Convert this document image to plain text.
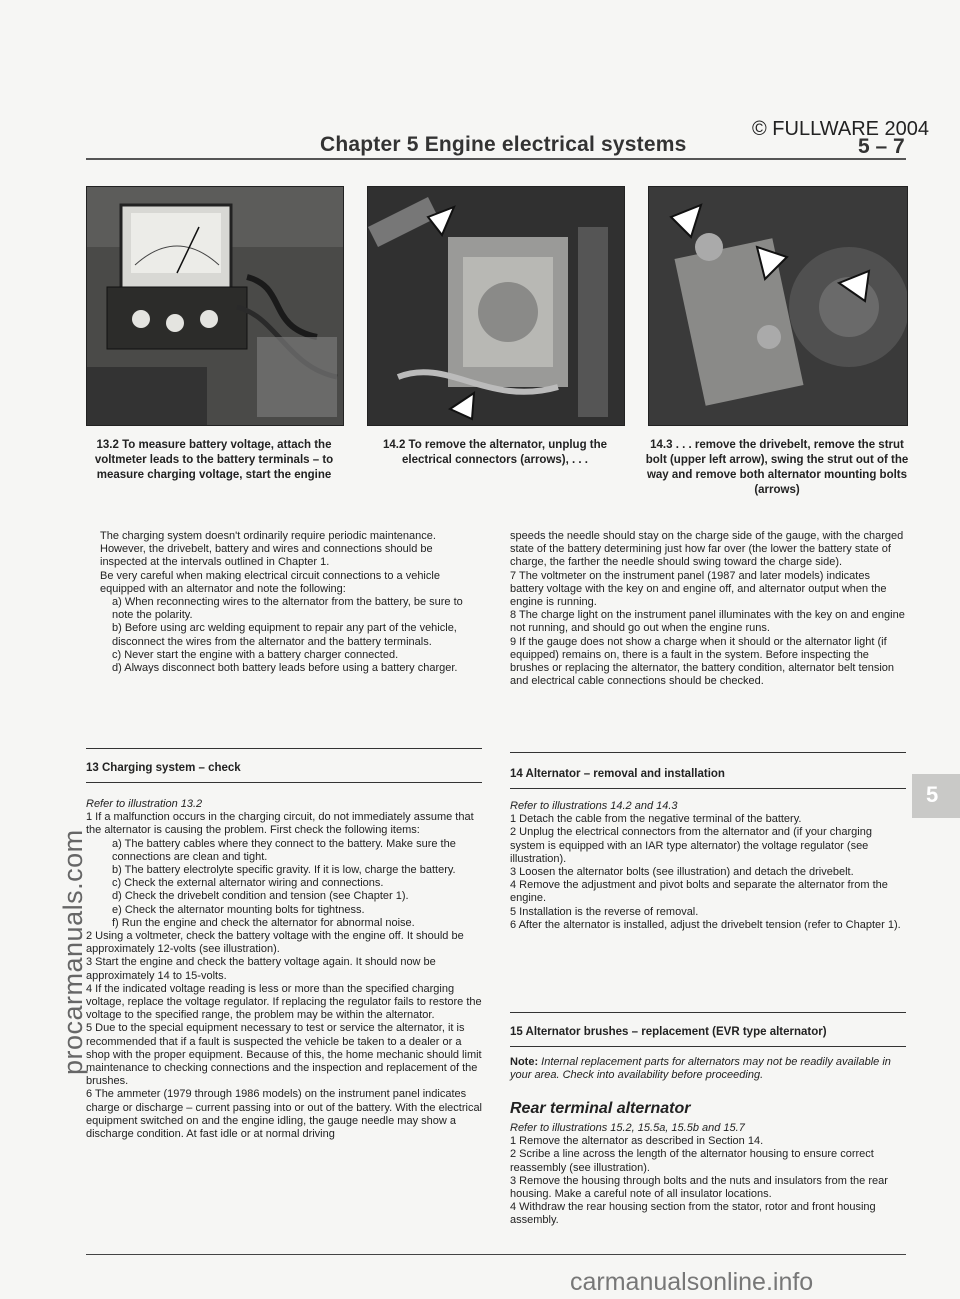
Chapter 5 Engine electrical systems
© FULLWARE 2004
5 – 7
13.2 To measure battery voltage, attach the voltmeter leads to the battery terminals – to measure charging voltage, start the engine
14.2 To remove the alternator, unplug the electrical connectors (arrows), . . .
14.3 . . . remove the drivebelt, remove the strut bolt (upper left arrow), swing the strut out of the way and remove both alternator mounting bolts (arrows)

The charging system doesn't ordinarily require periodic maintenance. However, the drivebelt, battery and wires and connections should be inspected at the intervals outlined in Chapter 1.

Be very careful when making electrical circuit connections to a vehicle equipped with an alternator and note the following:

a) When reconnecting wires to the alternator from the battery, be sure to note the polarity.

b) Before using arc welding equipment to repair any part of the vehicle, disconnect the wires from the alternator and the battery terminals.

c) Never start the engine with a battery charger connected.

d) Always disconnect both battery leads before using a battery charger.

13 Charging system – check

Refer to illustration 13.2

1 If a malfunction occurs in the charging circuit, do not immediately assume that the alternator is causing the problem. First check the following items:

a) The battery cables where they connect to the battery. Make sure the connections are clean and tight.

b) The battery electrolyte specific gravity. If it is low, charge the battery.

c) Check the external alternator wiring and connections.

d) Check the drivebelt condition and tension (see Chapter 1).

e) Check the alternator mounting bolts for tightness.

f) Run the engine and check the alternator for abnormal noise.

2 Using a voltmeter, check the battery voltage with the engine off. It should be approximately 12-volts (see illustration).

3 Start the engine and check the battery voltage again. It should now be approximately 14 to 15-volts.

4 If the indicated voltage reading is less or more than the specified charging voltage, replace the voltage regulator. If replacing the regulator fails to restore the voltage to the specified range, the problem may be within the alternator.

5 Due to the special equipment necessary to test or service the alternator, it is recommended that if a fault is suspected the vehicle be taken to a dealer or a shop with the proper equipment. Because of this, the home mechanic should limit maintenance to checking connections and the inspection and replacement of the brushes.

6 The ammeter (1979 through 1986 models) on the instrument panel indicates charge or discharge – current passing into or out of the battery. With the electrical equipment switched on and the engine idling, the gauge needle may show a discharge condition. At fast idle or at normal driving

speeds the needle should stay on the charge side of the gauge, with the charged state of the battery determining just how far over (the lower the battery state of charge, the farther the needle should swing toward the charge side).

7 The voltmeter on the instrument panel (1987 and later models) indicates battery voltage with the key on and engine off, and alternator output when the engine is running.

8 The charge light on the instrument panel illuminates with the key on and engine not running, and should go out when the engine runs.

9 If the gauge does not show a charge when it should or the alternator light (if equipped) remains on, there is a fault in the system. Before inspecting the brushes or replacing the alternator, the battery condition, alternator belt tension and electrical cable connections should be checked.

14 Alternator – removal and installation

Refer to illustrations 14.2 and 14.3

1 Detach the cable from the negative terminal of the battery.

2 Unplug the electrical connectors from the alternator and (if your charging system is equipped with an IAR type alternator) the voltage regulator (see illustration).

3 Loosen the alternator bolts (see illustration) and detach the drivebelt.

4 Remove the adjustment and pivot bolts and separate the alternator from the engine.

5 Installation is the reverse of removal.

6 After the alternator is installed, adjust the drivebelt tension (refer to Chapter 1).

15 Alternator brushes – replacement (EVR type alternator)

Note: Internal replacement parts for alternators may not be readily available in your area. Check into availability before proceeding.

Rear terminal alternator

Refer to illustrations 15.2, 15.5a, 15.5b and 15.7

1 Remove the alternator as described in Section 14.

2 Scribe a line across the length of the alternator housing to ensure correct reassembly (see illustration).

3 Remove the housing through bolts and the nuts and insulators from the rear housing. Make a careful note of all insulator locations.

4 Withdraw the rear housing section from the stator, rotor and front housing assembly.

5
procarmanuals.com
carmanualsonline.info
